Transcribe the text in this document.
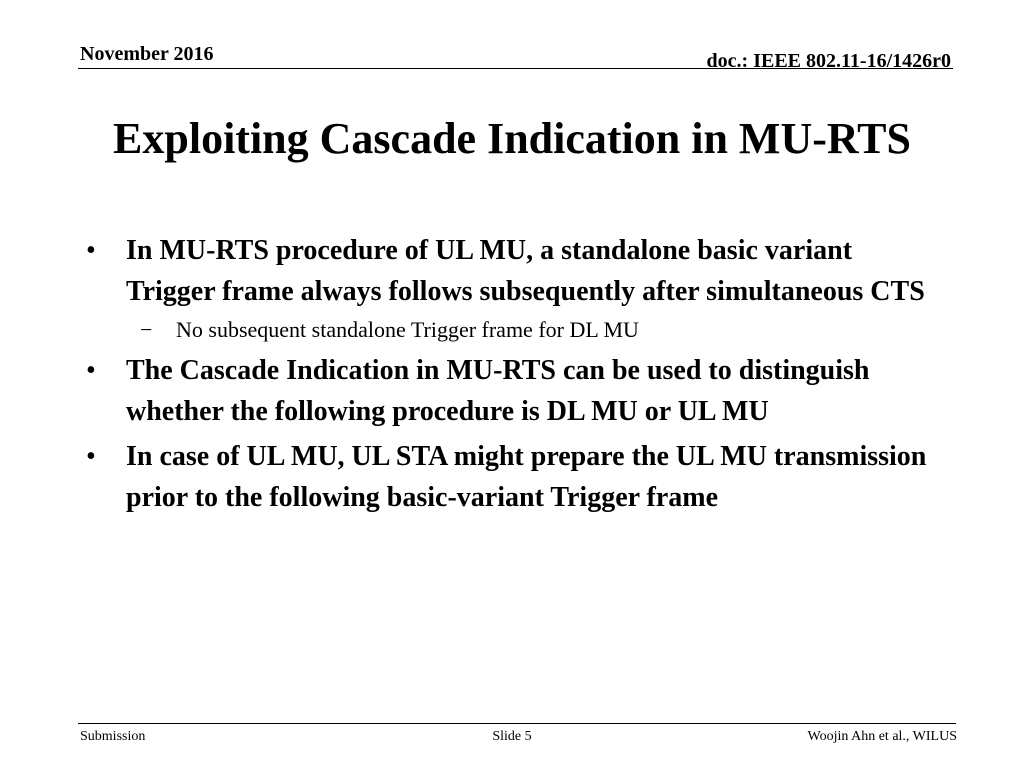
November 2016	doc.: IEEE 802.11-16/1426r0
Exploiting Cascade Indication in MU-RTS
• In MU-RTS procedure of UL MU, a standalone basic variant Trigger frame always follows subsequently after simultaneous CTS
− No subsequent standalone Trigger frame for DL MU
• The Cascade Indication in MU-RTS can be used to distinguish whether the following procedure is DL MU or UL MU
• In case of UL MU, UL STA might prepare the UL MU transmission prior to the following basic-variant Trigger frame
Submission	Slide 5	Woojin Ahn et al., WILUS
